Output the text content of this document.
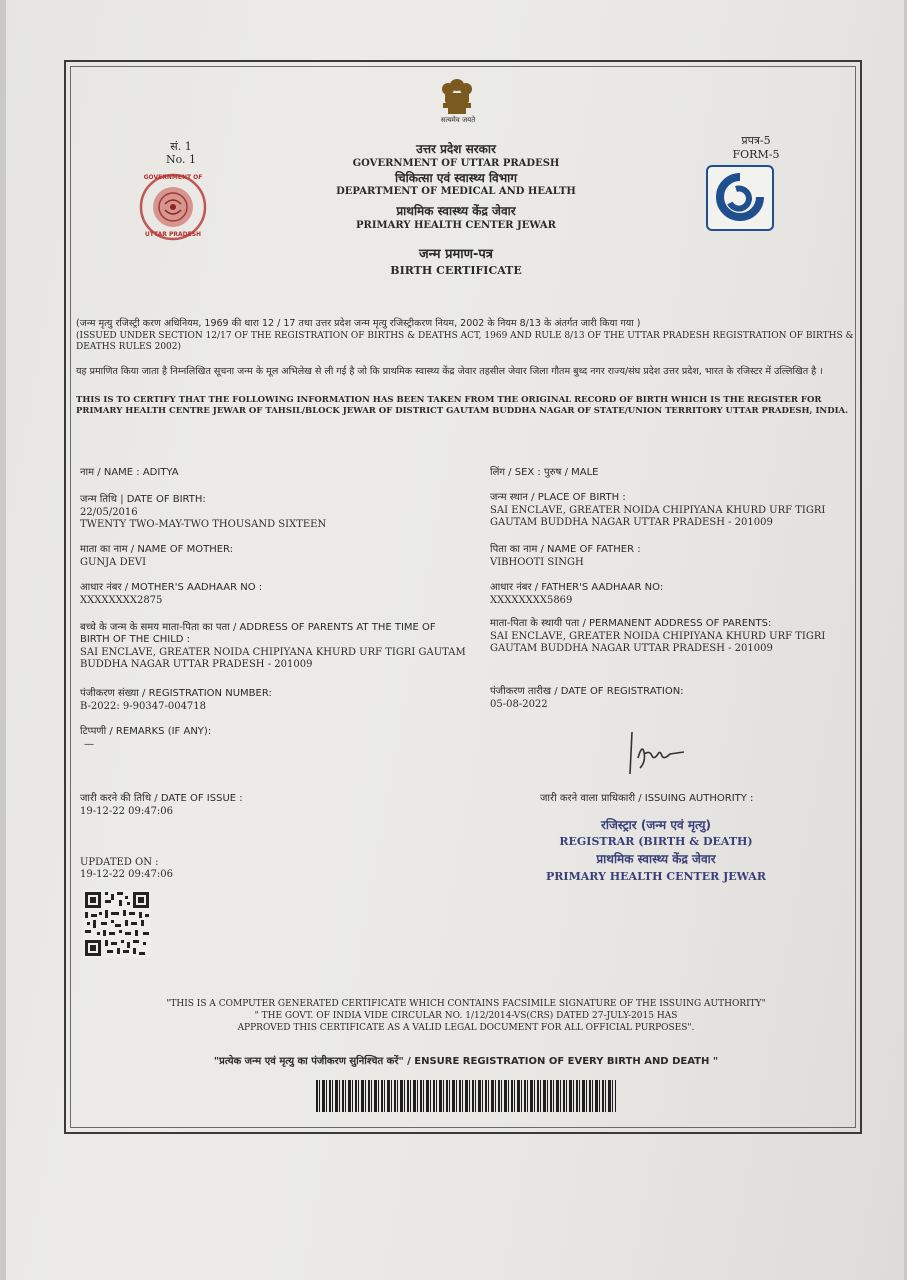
सत्यमेव जयते
सं. 1
No. 1
प्रपत्र-5
FORM-5
GOVERNMENT OF
UTTAR PRADESH
उत्तर प्रदेश सरकार
GOVERNMENT OF UTTAR PRADESH
चिकित्सा एवं स्वास्थ्य विभाग
DEPARTMENT OF MEDICAL AND HEALTH
प्राथमिक स्वास्थ्य केंद्र जेवार
PRIMARY HEALTH CENTER JEWAR
जन्म प्रमाण-पत्र
BIRTH CERTIFICATE
(जन्म मृत्यु रजिस्ट्री करण अधिनियम, 1969 की धारा 12 / 17 तथा उत्तर प्रदेश जन्म मृत्यु रजिस्ट्रीकरण नियम, 2002 के नियम 8/13 के अंतर्गत जारी किया गया )
(ISSUED UNDER SECTION 12/17 OF THE REGISTRATION OF BIRTHS & DEATHS ACT, 1969 AND RULE 8/13 OF THE UTTAR PRADESH REGISTRATION OF BIRTHS & DEATHS RULES 2002)
यह प्रमाणित किया जाता है निम्नलिखित सूचना जन्म के मूल अभिलेख से ली गई है जो कि प्राथमिक स्वास्थ्य केंद्र जेवार तहसील जेवार जिला गौतम बुध्द नगर राज्य/संघ प्रदेश उत्तर प्रदेश, भारत के रजिस्टर में उल्लिखित है ।
THIS IS TO CERTIFY THAT THE FOLLOWING INFORMATION HAS BEEN TAKEN FROM THE ORIGINAL RECORD OF BIRTH WHICH IS THE REGISTER FOR PRIMARY HEALTH CENTRE JEWAR OF TAHSIL/BLOCK JEWAR OF DISTRICT GAUTAM BUDDHA NAGAR OF STATE/UNION TERRITORY UTTAR PRADESH, INDIA.
नाम / NAME : ADITYA
जन्म तिथि | DATE OF BIRTH:
22/05/2016
TWENTY TWO-MAY-TWO THOUSAND SIXTEEN
माता का नाम / NAME OF MOTHER:
GUNJA DEVI
आधार नंबर / MOTHER'S AADHAAR NO :
XXXXXXXX2875
बच्चे के जन्म के समय माता-पिता का पता / ADDRESS OF PARENTS AT THE TIME OF
BIRTH OF THE CHILD :
SAI ENCLAVE, GREATER NOIDA CHIPIYANA KHURD URF TIGRI GAUTAM
BUDDHA NAGAR UTTAR PRADESH - 201009
पंजीकरण संख्या / REGISTRATION NUMBER:
B-2022: 9-90347-004718
टिप्पणी / REMARKS (IF ANY):
—
जारी करने की तिथि / DATE OF ISSUE :
19-12-22 09:47:06
UPDATED ON :
19-12-22 09:47:06
लिंग / SEX : पुरुष / MALE
जन्म स्थान / PLACE OF BIRTH :
SAI ENCLAVE, GREATER NOIDA CHIPIYANA KHURD URF TIGRI
GAUTAM BUDDHA NAGAR UTTAR PRADESH - 201009
पिता का नाम / NAME OF FATHER :
VIBHOOTI SINGH
आधार नंबर / FATHER'S AADHAAR NO:
XXXXXXXX5869
माता-पिता के स्थायी पता / PERMANENT ADDRESS OF PARENTS:
SAI ENCLAVE, GREATER NOIDA CHIPIYANA KHURD URF TIGRI
GAUTAM BUDDHA NAGAR UTTAR PRADESH - 201009
पंजीकरण तारीख / DATE OF REGISTRATION:
05-08-2022
जारी करने वाला प्राधिकारी / ISSUING AUTHORITY :
रजिस्ट्रार (जन्म एवं मृत्यु)
REGISTRAR (BIRTH & DEATH)
प्राथमिक स्वास्थ्य केंद्र जेवार
PRIMARY HEALTH CENTER JEWAR
"THIS IS A COMPUTER GENERATED CERTIFICATE WHICH CONTAINS FACSIMILE SIGNATURE OF THE ISSUING AUTHORITY"
" THE GOVT. OF INDIA VIDE CIRCULAR NO. 1/12/2014-VS(CRS) DATED 27-JULY-2015 HAS
APPROVED THIS CERTIFICATE AS A VALID LEGAL DOCUMENT FOR ALL OFFICIAL PURPOSES".
"प्रत्येक जन्म एवं मृत्यु का पंजीकरण सुनिश्चित करें" / ENSURE REGISTRATION OF EVERY BIRTH AND DEATH "
